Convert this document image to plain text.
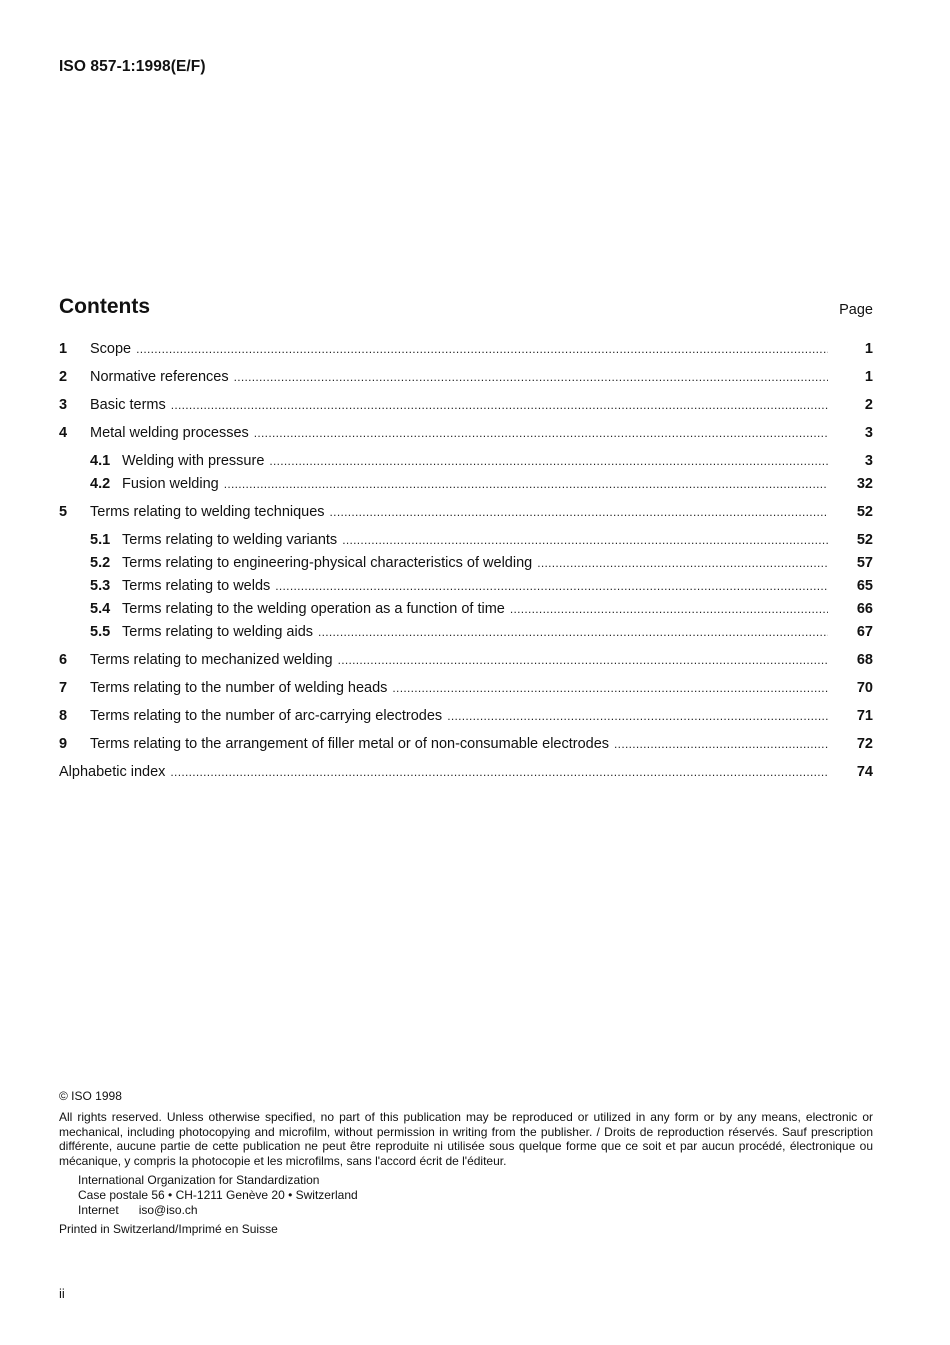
ISO 857-1:1998(E/F)
Contents	Page
1	Scope .....	1
2	Normative references .....	1
3	Basic terms .....	2
4	Metal welding processes .....	3
4.1 Welding with pressure .....	3
4.2 Fusion welding .....	32
5	Terms relating to welding techniques .....	52
5.1 Terms relating to welding variants .....	52
5.2 Terms relating to engineering-physical characteristics of welding .....	57
5.3 Terms relating to welds .....	65
5.4 Terms relating to the welding operation as a function of time .....	66
5.5 Terms relating to welding aids .....	67
6	Terms relating to mechanized welding .....	68
7	Terms relating to the number of welding heads .....	70
8	Terms relating to the number of arc-carrying electrodes .....	71
9	Terms relating to the arrangement of filler metal or of non-consumable electrodes .....	72
Alphabetic index .....	74
© ISO 1998

All rights reserved. Unless otherwise specified, no part of this publication may be reproduced or utilized in any form or by any means, electronic or mechanical, including photocopying and microfilm, without permission in writing from the publisher. / Droits de reproduction réservés. Sauf prescription différente, aucune partie de cette publication ne peut être reproduite ni utilisée sous quelque forme que ce soit et par aucun procédé, électronique ou mécanique, y compris la photocopie et les microfilms, sans l'accord écrit de l'éditeur.

International Organization for Standardization
Case postale 56 • CH-1211 Genève 20 • Switzerland
Internet iso@iso.ch
Printed in Switzerland/Imprimé en Suisse
ii
